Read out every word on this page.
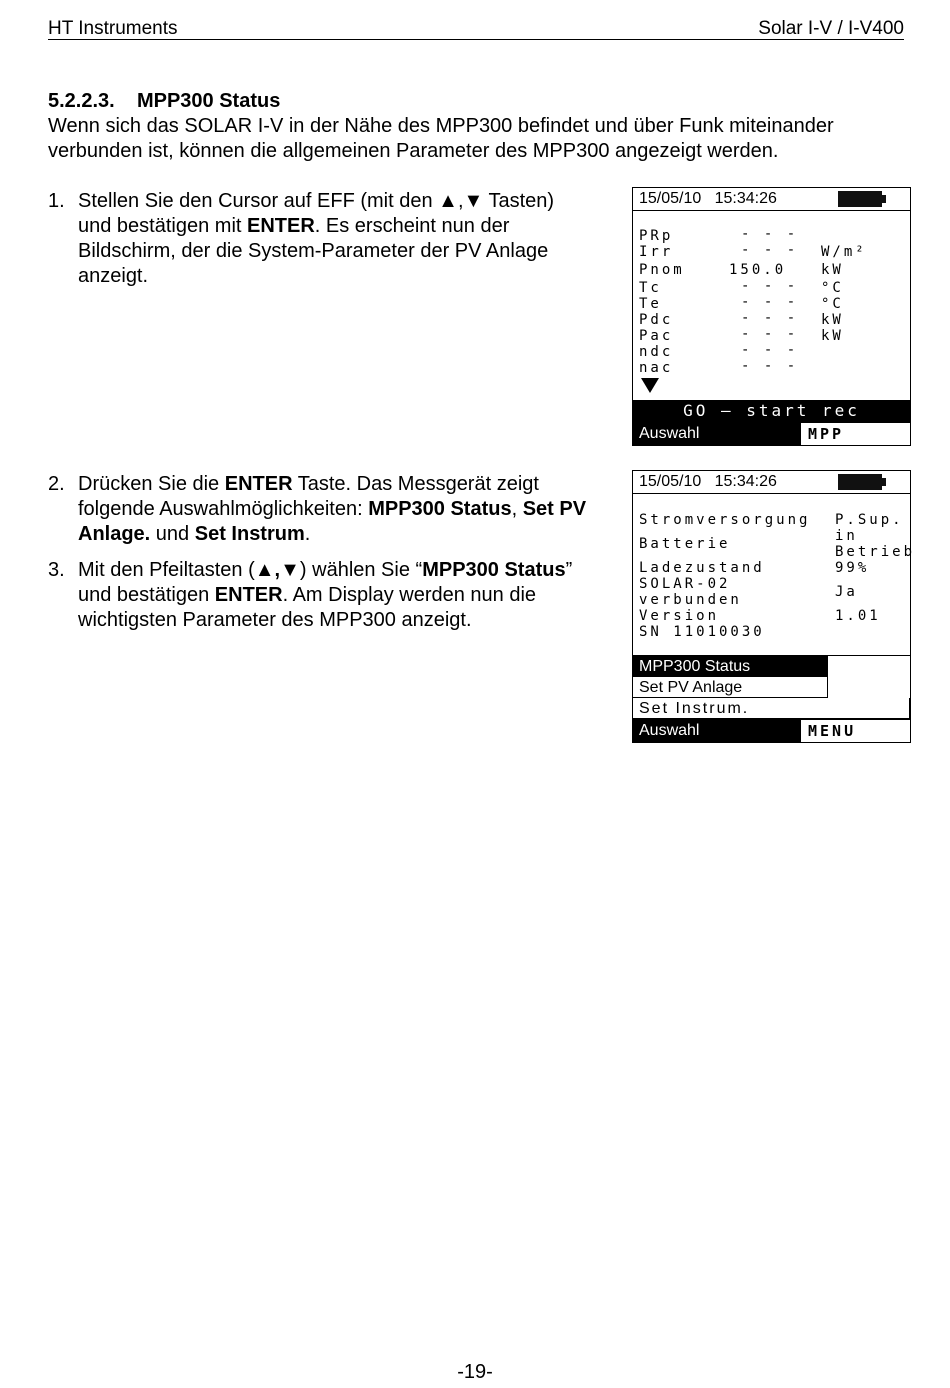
HT Instruments	Solar I-V / I-V400
5.2.2.3. MPP300 Status
Wenn sich das SOLAR I-V in der Nähe des MPP300 befindet und über Funk miteinander
verbunden ist, können die allgemeinen Parameter des MPP300 angezeigt werden.
1. Stellen Sie den Cursor auf EFF (mit den ▲,▼ Tasten)
und bestätigen mit ENTER. Es erscheint nun der
Bildschirm, der die System-Parameter der PV Anlage
anzeigt.
2. Drücken Sie die ENTER Taste. Das Messgerät zeigt
folgende Auswahlmöglichkeiten: MPP300 Status, Set PV
Anlage. und Set Instrum.
3. Mit den Pfeiltasten (▲,▼) wählen Sie “MPP300 Status”
und bestätigen ENTER. Am Display werden nun die
wichtigsten Parameter des MPP300 anzeigt.
15/05/10   15:34:26
PRp	- - -
Irr	- - - W/m²
Pnom	150.0 kW
Tc	- - - °C
Te	- - - °C
Pdc	- - - kW
Pac	- - - kW
ndc	- - -
nac	- - -
GO – start rec
Auswahl	MPP
15/05/10   15:34:26
Stromversorgung P.Sup.
Batterie	in
Betrieb
Ladezustand	99%
SOLAR-02
verbunden	Ja
Version	1.01
SN 11010030
MPP300 Status
Set PV Anlage
Set Instrum.
Auswahl	MENU
-19-
